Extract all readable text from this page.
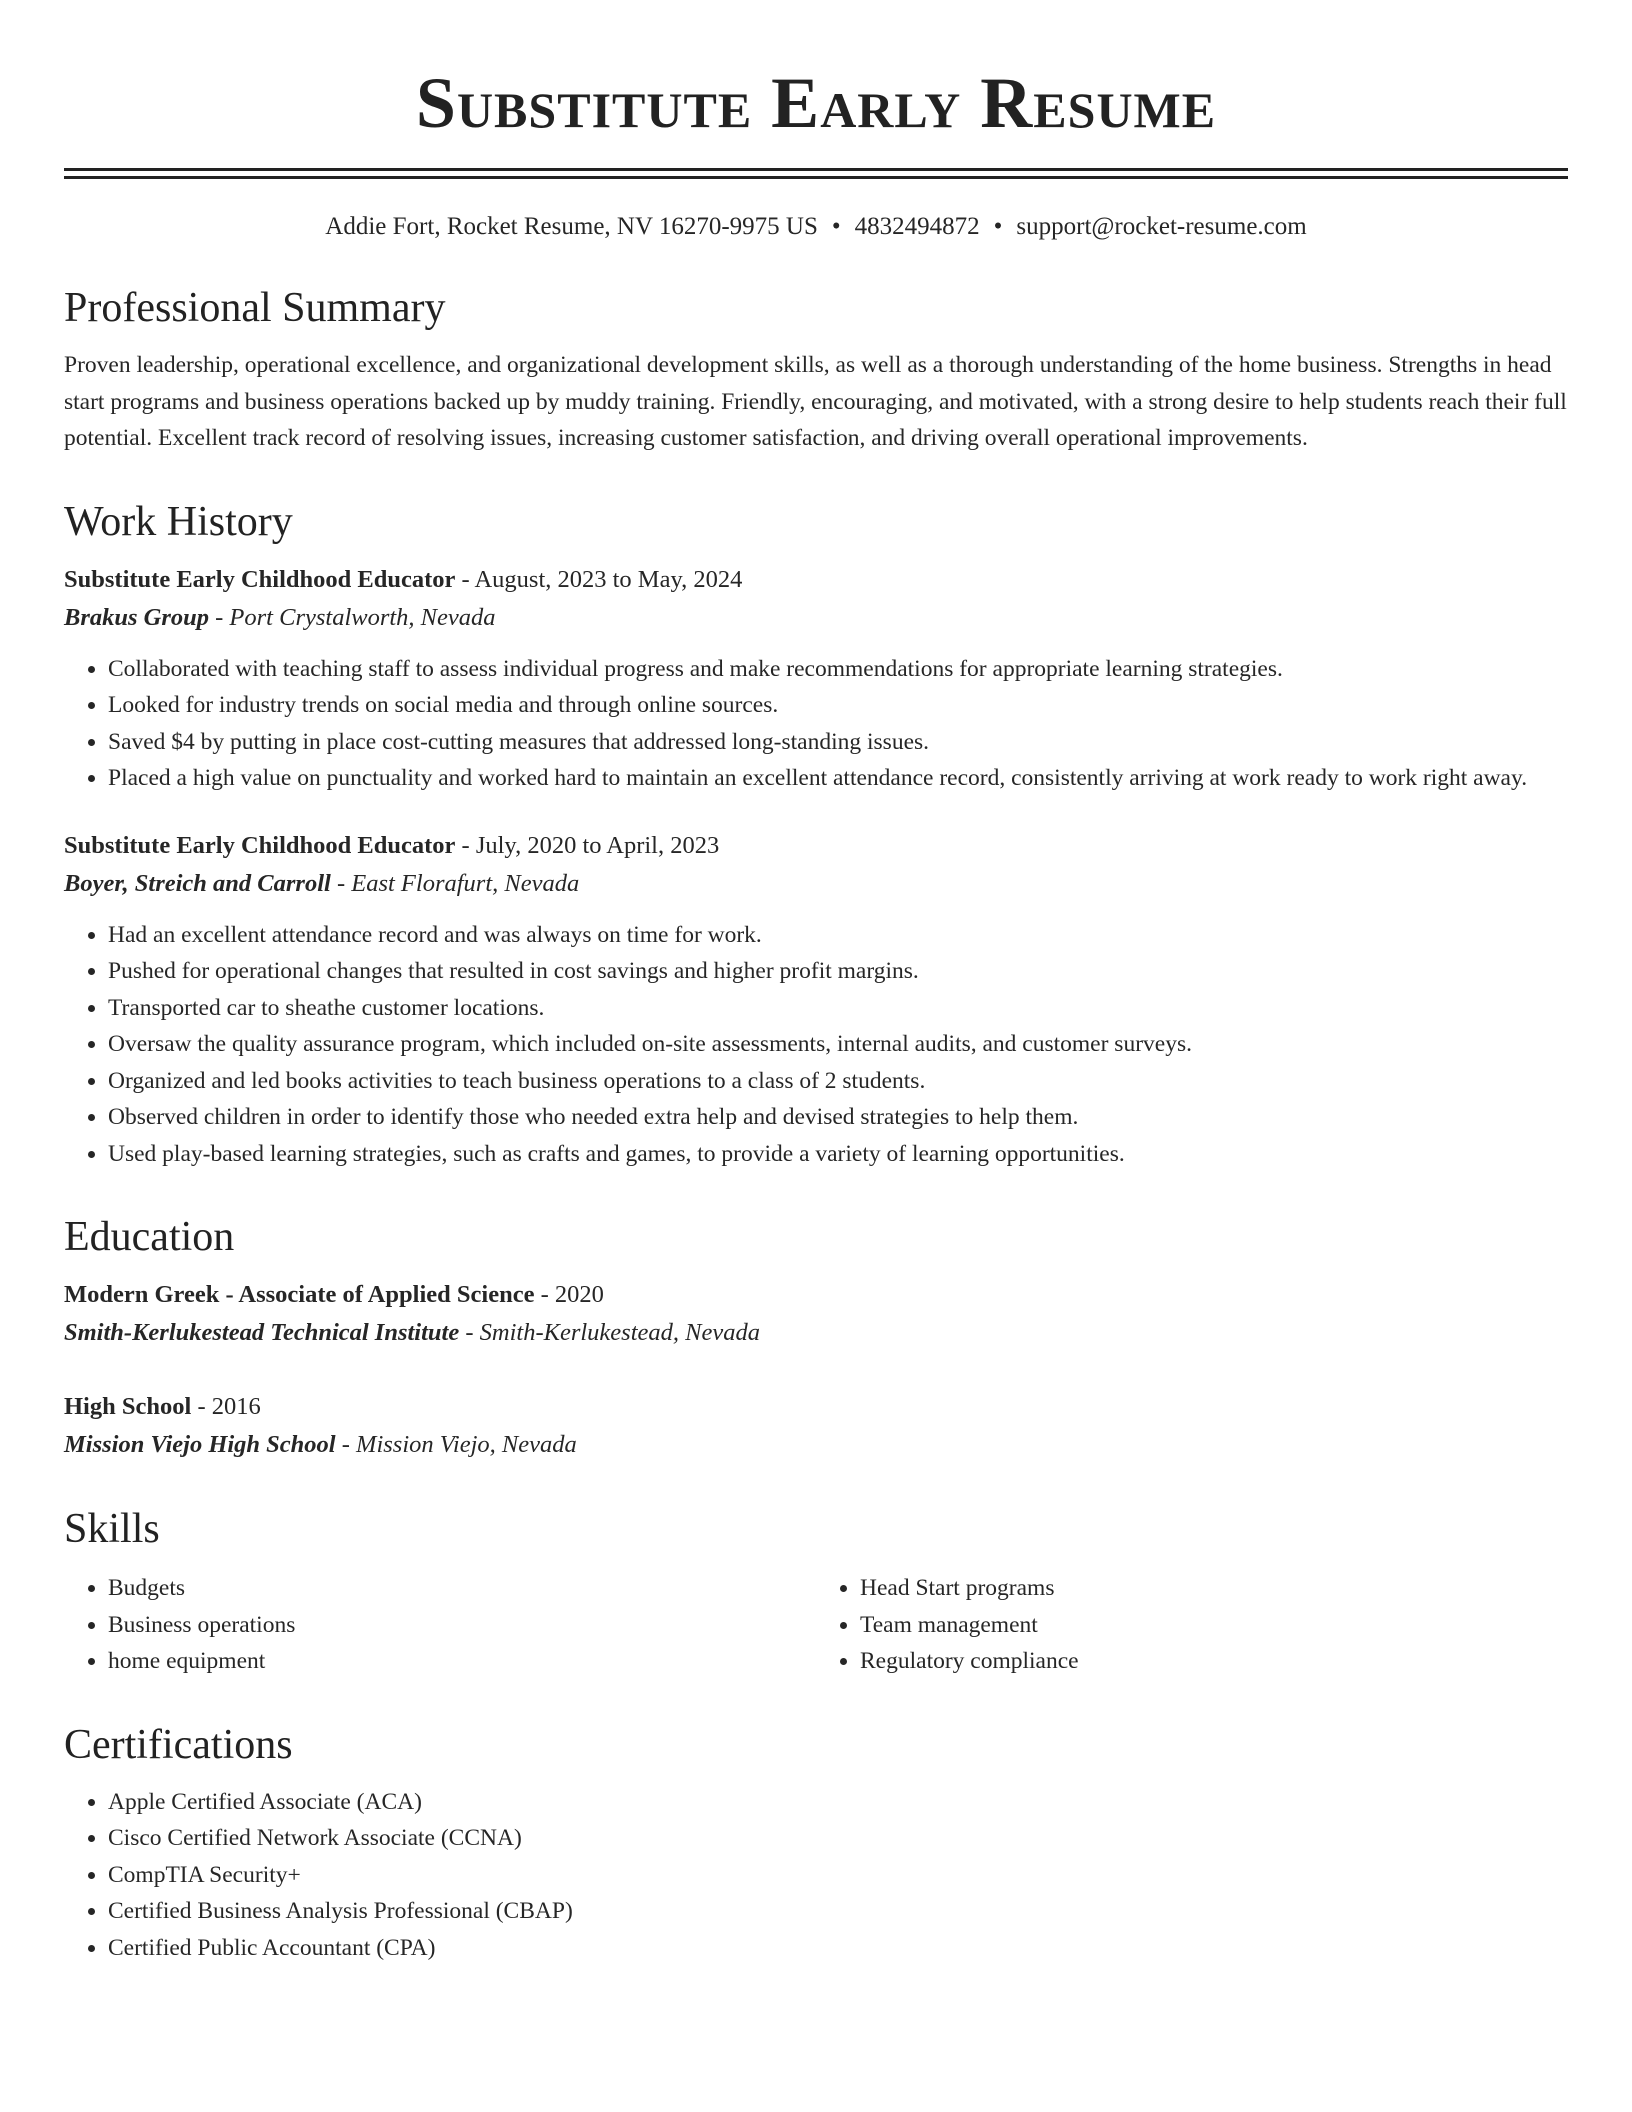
Substitute Early Resume
Addie Fort, Rocket Resume, NV 16270-9975 US • 4832494872 • support@rocket-resume.com
Professional Summary

Proven leadership, operational excellence, and organizational development skills, as well as a thorough understanding of the home business. Strengths in head start programs and business operations backed up by muddy training. Friendly, encouraging, and motivated, with a strong desire to help students reach their full potential. Excellent track record of resolving issues, increasing customer satisfaction, and driving overall operational improvements.

Work History
Substitute Early Childhood Educator - August, 2023 to May, 2024
Brakus Group - Port Crystalworth, Nevada
• Collaborated with teaching staff to assess individual progress and make recommendations for appropriate learning strategies.
• Looked for industry trends on social media and through online sources.
• Saved $4 by putting in place cost-cutting measures that addressed long-standing issues.
• Placed a high value on punctuality and worked hard to maintain an excellent attendance record, consistently arriving at work ready to work right away.
Substitute Early Childhood Educator - July, 2020 to April, 2023
Boyer, Streich and Carroll - East Florafurt, Nevada
• Had an excellent attendance record and was always on time for work.
• Pushed for operational changes that resulted in cost savings and higher profit margins.
• Transported car to sheathe customer locations.
• Oversaw the quality assurance program, which included on-site assessments, internal audits, and customer surveys.
• Organized and led books activities to teach business operations to a class of 2 students.
• Observed children in order to identify those who needed extra help and devised strategies to help them.
• Used play-based learning strategies, such as crafts and games, to provide a variety of learning opportunities.
Education
Modern Greek - Associate of Applied Science - 2020
Smith-Kerlukestead Technical Institute - Smith-Kerlukestead, Nevada
High School - 2016
Mission Viejo High School - Mission Viejo, Nevada
Skills
• Budgets
• Business operations
• home equipment
• Head Start programs
• Team management
• Regulatory compliance
Certifications
• Apple Certified Associate (ACA)
• Cisco Certified Network Associate (CCNA)
• CompTIA Security+
• Certified Business Analysis Professional (CBAP)
• Certified Public Accountant (CPA)
